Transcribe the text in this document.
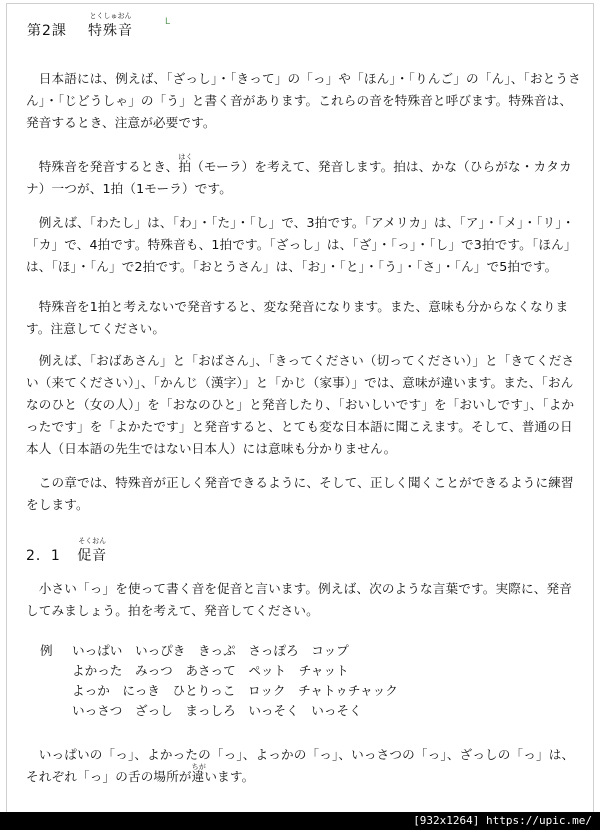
第2課
とくしゅおん
特殊音
ᒪ
　日本語には、例えば、「ざっし」・「きって」の「っ」や「ほん」・「りんご」の「ん」、「おとうさん」・「じどうしゃ」の「う」と書く音があります。これらの音を特殊音と呼びます。特殊音は、発音するとき、注意が必要です。
　特殊音を発音するとき、
はく
拍（モーラ）を考えて、発音します。拍は、かな（ひらがな・カタカナ）一つが、1拍（1モーラ）です。
　例えば、「わたし」は、「わ」・「た」・「し」で、3拍です。「アメリカ」は、「ア」・「メ」・「リ」・「カ」で、4拍です。特殊音も、1拍です。「ざっし」は、「ざ」・「っ」・「し」で3拍です。「ほん」は、「ほ」・「ん」で2拍です。「おとうさん」は、「お」・「と」・「う」・「さ」・「ん」で5拍です。
　特殊音を1拍と考えないで発音すると、変な発音になります。また、意味も分からなくなります。注意してください。
　例えば、「おばあさん」と「おばさん」、「きってください（切ってください）」と「きてください（来てください）」、「かんじ（漢字）」と「かじ（家事）」では、意味が違います。また、「おんなのひと（女の人）」を「おなのひと」と発音したり、「おいしいです」を「おいしです」、「よかったです」を「よかたです」と発音すると、とても変な日本語に聞こえます。そして、普通の日本人（日本語の先生ではない日本人）には意味も分かりません。
　この章では、特殊音が正しく発音できるように、そして、正しく聞くことができるように練習をします。
2．1
そくおん
促音
　小さい「っ」を使って書く音を促音と言います。例えば、次のような言葉です。実際に、発音してみましょう。拍を考えて、発音してください。
例	いっぱい　いっぴき　きっぷ　さっぽろ　コップ
よかった　みっつ　あさって　ペット　チャット
よっか　にっき　ひとりっこ　ロック　チャトゥチャック
いっさつ　ざっし　まっしろ　いっそく　いっそく
　いっぱいの「っ」、よかったの「っ」、よっかの「っ」、いっさつの「っ」、ざっしの「っ」は、それぞれ「っ」の舌の場所が
ちが
違います。
[932x1264] https://upic.me/
